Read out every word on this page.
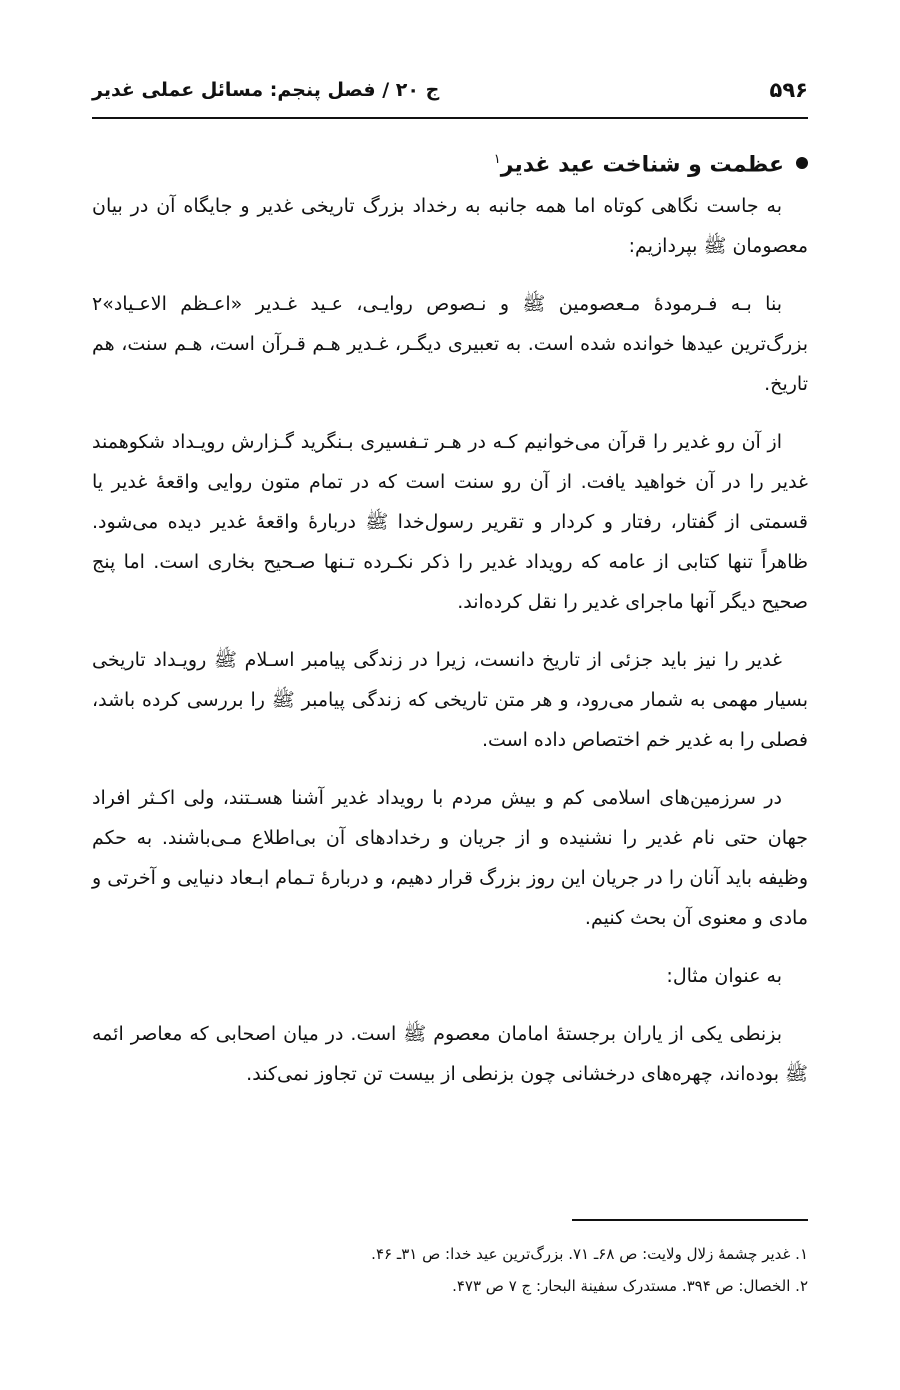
۵۹۶
ج ۲۰ / فصل پنجم: مسائل عملی غدیر
عظمت و شناخت عید غدیر$^۱$

به جاست نگاهی کوتاه اما همه جانبه به رخداد بزرگ تاریخی غدیر و جایگاه آن در بیان معصومان ﷺ بپردازیم:

بنا بـه فـرمودهٔ مـعصومین ﷺ و نـصوص روایـی، عـید غـدیر «اعـظم الاعـیاد»۲ بزرگ‌ترین عیدها خوانده شده است. به تعبیری دیگـر، غـدیر هـم قـرآن است، هـم سنت، هم تاریخ.

از آن رو غدیر را قرآن می‌خوانیم کـه در هـر تـفسیری بـنگرید گـزارش رویـداد شکوهمند غدیر را در آن خواهید یافت. از آن رو سنت است که در تمام متون روایی واقعهٔ غدیر یا قسمتی از گفتار، رفتار و کردار و تقریر رسول‌خدا ﷺ دربارهٔ واقعهٔ غدیر دیده می‌شود. ظاهراً تنها کتابی از عامه که رویداد غدیر را ذکر نکـرده تـنها صـحیح بخاری است. اما پنج صحیح دیگر آنها ماجرای غدیر را نقل کرده‌اند.

غدیر را نیز باید جزئی از تاریخ دانست، زیرا در زندگی پیامبر اسـلام ﷺ رویـداد تاریخی بسیار مهمی به شمار می‌رود، و هر متن تاریخی که زندگی پیامبر ﷺ را بررسی کرده باشد، فصلی را به غدیر خم اختصاص داده است.

در سرزمین‌های اسلامی کم و بیش مردم با رویداد غدیر آشنا هسـتند، ولی اکـثر افراد جهان حتی نام غدیر را نشنیده و از جریان و رخدادهای آن بی‌اطلاع مـی‌باشند. به حکم وظیفه باید آنان را در جریان این روز بزرگ قرار دهیم، و دربارهٔ تـمام ابـعاد دنیایی و آخرتی و مادی و معنوی آن بحث کنیم.

به عنوان مثال:

بزنطی یکی از یاران برجستهٔ امامان معصوم ﷺ است. در میان اصحابی که معاصر ائمه ﷺ بوده‌اند، چهره‌های درخشانی چون بزنطی از بیست تن تجاوز نمی‌کند.

۱. غدیر چشمهٔ زلال ولایت: ص ۶۸ـ ۷۱. بزرگ‌ترین عید خدا: ص ۳۱ـ ۴۶.
۲. الخصال: ص ۳۹۴. مستدرک سفینة البحار: ج ۷ ص ۴۷۳.
